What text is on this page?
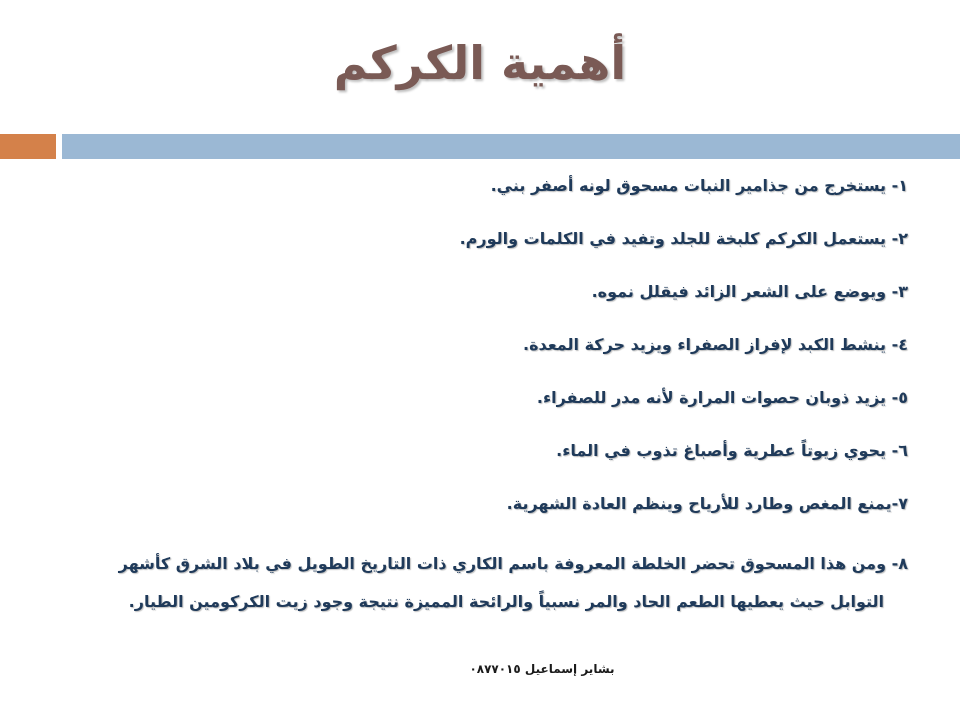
أهمية الكركم
١- يستخرج من جذامير النبات مسحوق لونه أصفر بني.
٢- يستعمل الكركم كلبخة للجلد وتفيد في الكلمات والورم.
٣- ويوضع على الشعر الزائد فيقلل نموه.
٤- ينشط الكبد لإفراز الصفراء ويزيد حركة المعدة.
٥- يزيد ذوبان حصوات المرارة لأنه مدر للصفراء.
٦- يحوي زيوتاً عطرية وأصباغ تذوب في الماء.
٧-يمنع المغص وطارد للأرياح وينظم العادة الشهرية.
٨- ومن هذا المسحوق تحضر الخلطة المعروفة باسم الكاري ذات التاريخ الطويل في بلاد الشرق كأشهر
التوابل حيث يعطيها الطعم الحاد والمر نسبياً والرائحة المميزة نتيجة وجود زيت الكركومين الطيار.
بشاير إسماعيل ٠٨٧٧٠١٥
